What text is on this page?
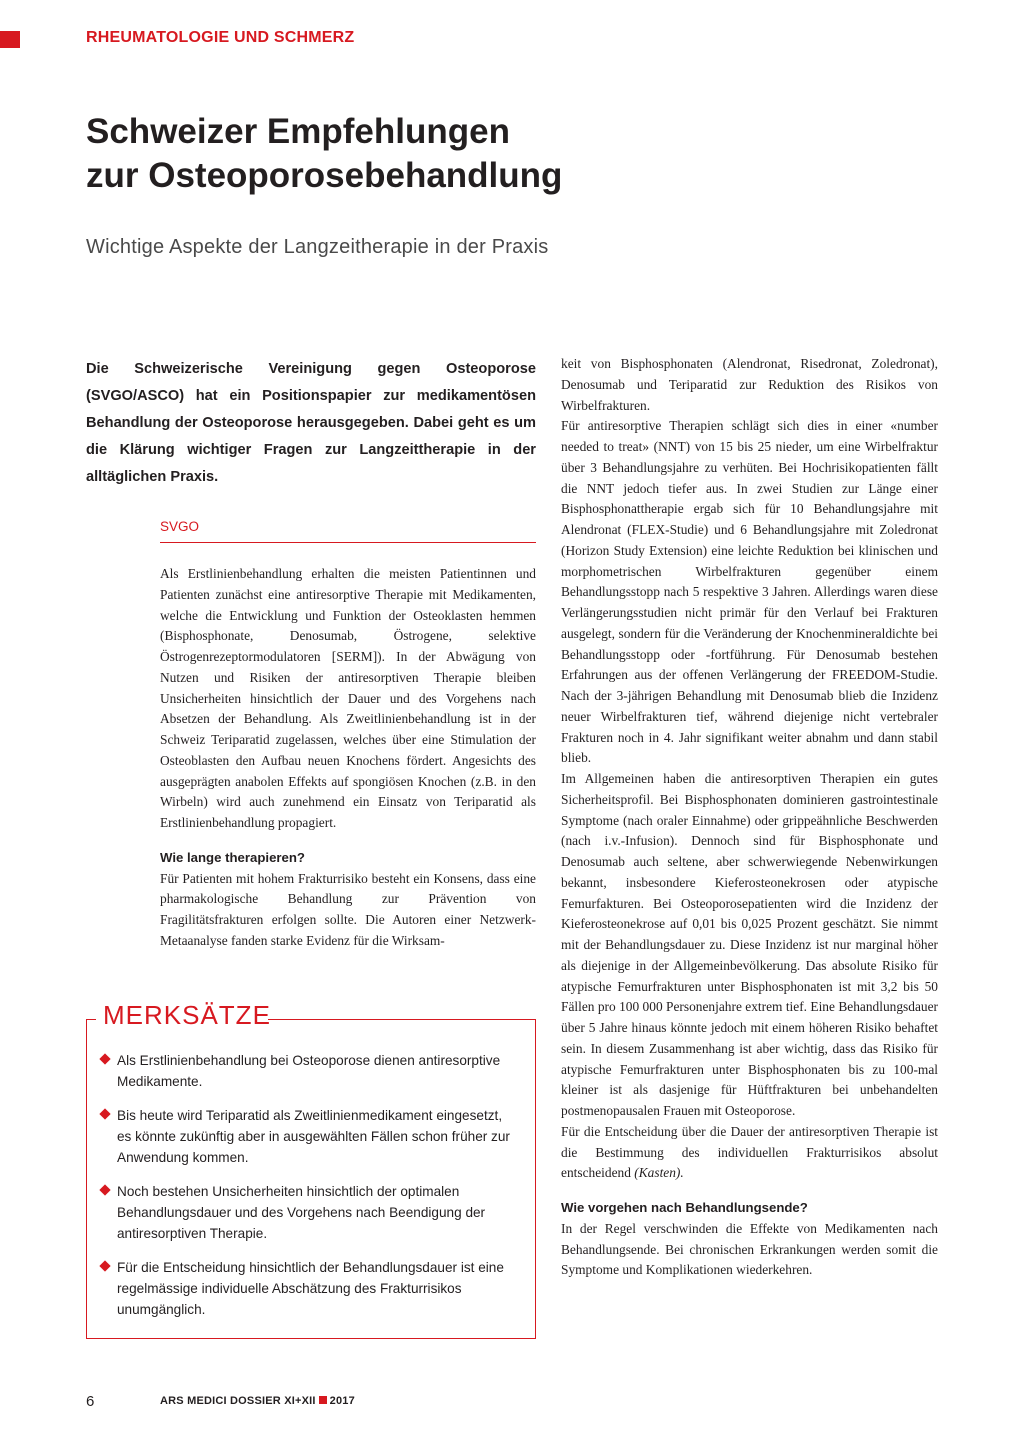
RHEUMATOLOGIE UND SCHMERZ
Schweizer Empfehlungen
zur Osteoporosebehandlung
Wichtige Aspekte der Langzeitherapie in der Praxis

Die Schweizerische Vereinigung gegen Osteoporose (SVGO/ASCO) hat ein Positionspapier zur medikamentösen Behandlung der Osteoporose herausgegeben. Dabei geht es um die Klärung wichtiger Fragen zur Langzeittherapie in der alltäglichen Praxis.

SVGO

Als Erstlinienbehandlung erhalten die meisten Patientinnen und Patienten zunächst eine antiresorptive Therapie mit Medikamenten, welche die Entwicklung und Funktion der Osteoklasten hemmen (Bisphosphonate, Denosumab, Östrogene, selektive Östrogenrezeptormodulatoren [SERM]). In der Abwägung von Nutzen und Risiken der antiresorptiven Therapie bleiben Unsicherheiten hinsichtlich der Dauer und des Vorgehens nach Absetzen der Behandlung. Als Zweitlinienbehandlung ist in der Schweiz Teriparatid zugelassen, welches über eine Stimulation der Osteoblasten den Aufbau neuen Knochens fördert. Angesichts des ausgeprägten anabolen Effekts auf spongiösen Knochen (z.B. in den Wirbeln) wird auch zunehmend ein Einsatz von Teriparatid als Erstlinienbehandlung propagiert.

Wie lange therapieren?

Für Patienten mit hohem Frakturrisiko besteht ein Konsens, dass eine pharmakologische Behandlung zur Prävention von Fragilitätsfrakturen erfolgen sollte. Die Autoren einer Netzwerk-Metaanalyse fanden starke Evidenz für die Wirksam-

MERKSÄTZE
Als Erstlinienbehandlung bei Osteoporose dienen antiresorptive Medikamente.
Bis heute wird Teriparatid als Zweitlinienmedikament eingesetzt, es könnte zukünftig aber in ausgewählten Fällen schon früher zur Anwendung kommen.
Noch bestehen Unsicherheiten hinsichtlich der optimalen Behandlungsdauer und des Vorgehens nach Beendigung der antiresorptiven Therapie.
Für die Entscheidung hinsichtlich der Behandlungsdauer ist eine regelmässige individuelle Abschätzung des Frakturrisikos unumgänglich.

keit von Bisphosphonaten (Alendronat, Risedronat, Zoledronat), Denosumab und Teriparatid zur Reduktion des Risikos von Wirbelfrakturen.

Für antiresorptive Therapien schlägt sich dies in einer «number needed to treat» (NNT) von 15 bis 25 nieder, um eine Wirbelfraktur über 3 Behandlungsjahre zu verhüten. Bei Hochrisikopatienten fällt die NNT jedoch tiefer aus. In zwei Studien zur Länge einer Bisphosphonattherapie ergab sich für 10 Behandlungsjahre mit Alendronat (FLEX-Studie) und 6 Behandlungsjahre mit Zoledronat (Horizon Study Extension) eine leichte Reduktion bei klinischen und morphometrischen Wirbelfrakturen gegenüber einem Behandlungsstopp nach 5 respektive 3 Jahren. Allerdings waren diese Verlängerungsstudien nicht primär für den Verlauf bei Frakturen ausgelegt, sondern für die Veränderung der Knochenmineraldichte bei Behandlungsstopp oder -fortführung. Für Denosumab bestehen Erfahrungen aus der offenen Verlängerung der FREEDOM-Studie. Nach der 3-jährigen Behandlung mit Denosumab blieb die Inzidenz neuer Wirbelfrakturen tief, während diejenige nicht vertebraler Frakturen noch in 4. Jahr signifikant weiter abnahm und dann stabil blieb.

Im Allgemeinen haben die antiresorptiven Therapien ein gutes Sicherheitsprofil. Bei Bisphosphonaten dominieren gastrointestinale Symptome (nach oraler Einnahme) oder grippeähnliche Beschwerden (nach i.v.-Infusion). Dennoch sind für Bisphosphonate und Denosumab auch seltene, aber schwerwiegende Nebenwirkungen bekannt, insbesondere Kieferosteonekrosen oder atypische Femurfakturen. Bei Osteoporosepatienten wird die Inzidenz der Kieferosteonekrose auf 0,01 bis 0,025 Prozent geschätzt. Sie nimmt mit der Behandlungsdauer zu. Diese Inzidenz ist nur marginal höher als diejenige in der Allgemeinbevölkerung. Das absolute Risiko für atypische Femurfrakturen unter Bisphosphonaten ist mit 3,2 bis 50 Fällen pro 100 000 Personenjahre extrem tief. Eine Behandlungsdauer über 5 Jahre hinaus könnte jedoch mit einem höheren Risiko behaftet sein. In diesem Zusammenhang ist aber wichtig, dass das Risiko für atypische Femurfrakturen unter Bisphosphonaten bis zu 100-mal kleiner ist als dasjenige für Hüftfrakturen bei unbehandelten postmenopausalen Frauen mit Osteoporose.

Für die Entscheidung über die Dauer der antiresorptiven Therapie ist die Bestimmung des individuellen Frakturrisikos absolut entscheidend (Kasten).

Wie vorgehen nach Behandlungsende?

In der Regel verschwinden die Effekte von Medikamenten nach Behandlungsende. Bei chronischen Erkrankungen werden somit die Symptome und Komplikationen wiederkehren.

6	ARS MEDICI DOSSIER XI+XII 2017
